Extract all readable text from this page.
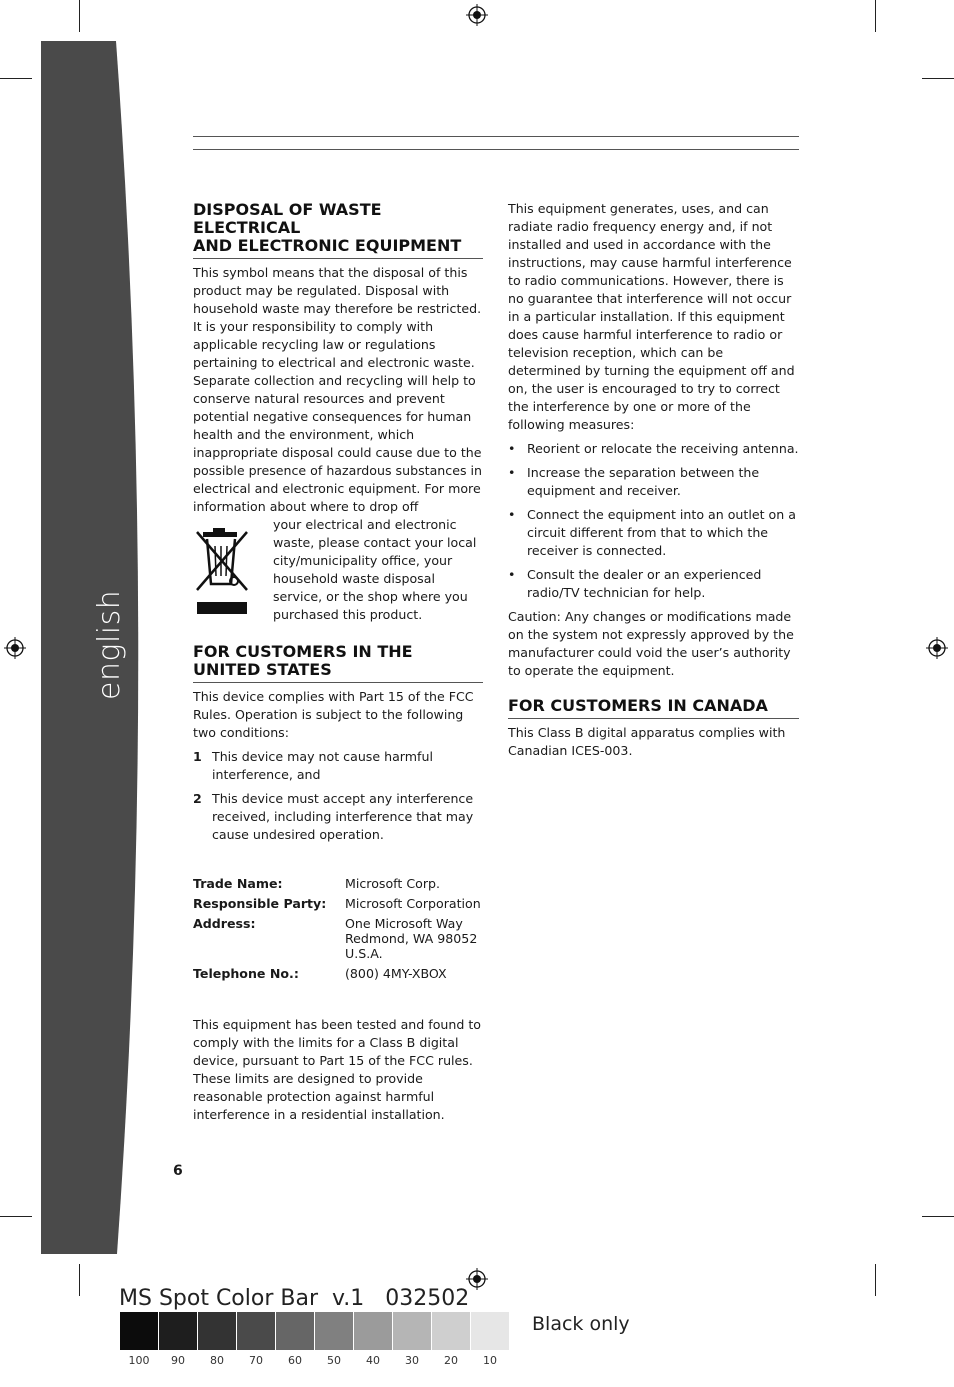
english
DISPOSAL OF WASTE ELECTRICAL
AND ELECTRONIC EQUIPMENT

This symbol means that the disposal of this product may be regulated. Disposal with household waste may therefore be restricted. It is your responsibility to comply with applicable recycling law or regulations pertaining to electrical and electronic waste. Separate collection and recycling will help to conserve natural resources and prevent potential negative consequences for human health and the environment, which inappropriate disposal could cause due to the possible presence of hazardous substances in electrical and electronic equipment. For more information about where to drop off

your electrical and electronic waste, please contact your local city/municipality office, your household waste disposal service, or the shop where you purchased this product.

FOR CUSTOMERS IN THE
UNITED STATES

This device complies with Part 15 of the FCC Rules. Operation is subject to the following two conditions:

1 This device may not cause harmful interference, and
2 This device must accept any interference received, including interference that may cause undesired operation.
Trade Name:	Microsoft Corp.
Responsible Party:	Microsoft Corporation
Address:	One Microsoft Way
Redmond, WA 98052
U.S.A.
Telephone No.:	(800) 4MY-XBOX

This equipment has been tested and found to comply with the limits for a Class B digital device, pursuant to Part 15 of the FCC rules. These limits are designed to provide reasonable protection against harmful interference in a residential installation.

This equipment generates, uses, and can radiate radio frequency energy and, if not installed and used in accordance with the instructions, may cause harmful interference to radio communications. However, there is no guarantee that interference will not occur in a particular installation. If this equipment does cause harmful interference to radio or television reception, which can be determined by turning the equipment off and on, the user is encouraged to try to correct the interference by one or more of the following measures:

• Reorient or relocate the receiving antenna.
• Increase the separation between the equipment and receiver.
• Connect the equipment into an outlet on a circuit different from that to which the receiver is connected.
• Consult the dealer or an experienced radio/TV technician for help.

Caution: Any changes or modifications made on the system not expressly approved by the manufacturer could void the user’s authority to operate the equipment.

FOR CUSTOMERS IN CANADA

This Class B digital apparatus complies with Canadian ICES-003.

6
MS Spot Color Bar  v.1   032502
Black only
100	90	80	70	60	50	40	30	20	10
